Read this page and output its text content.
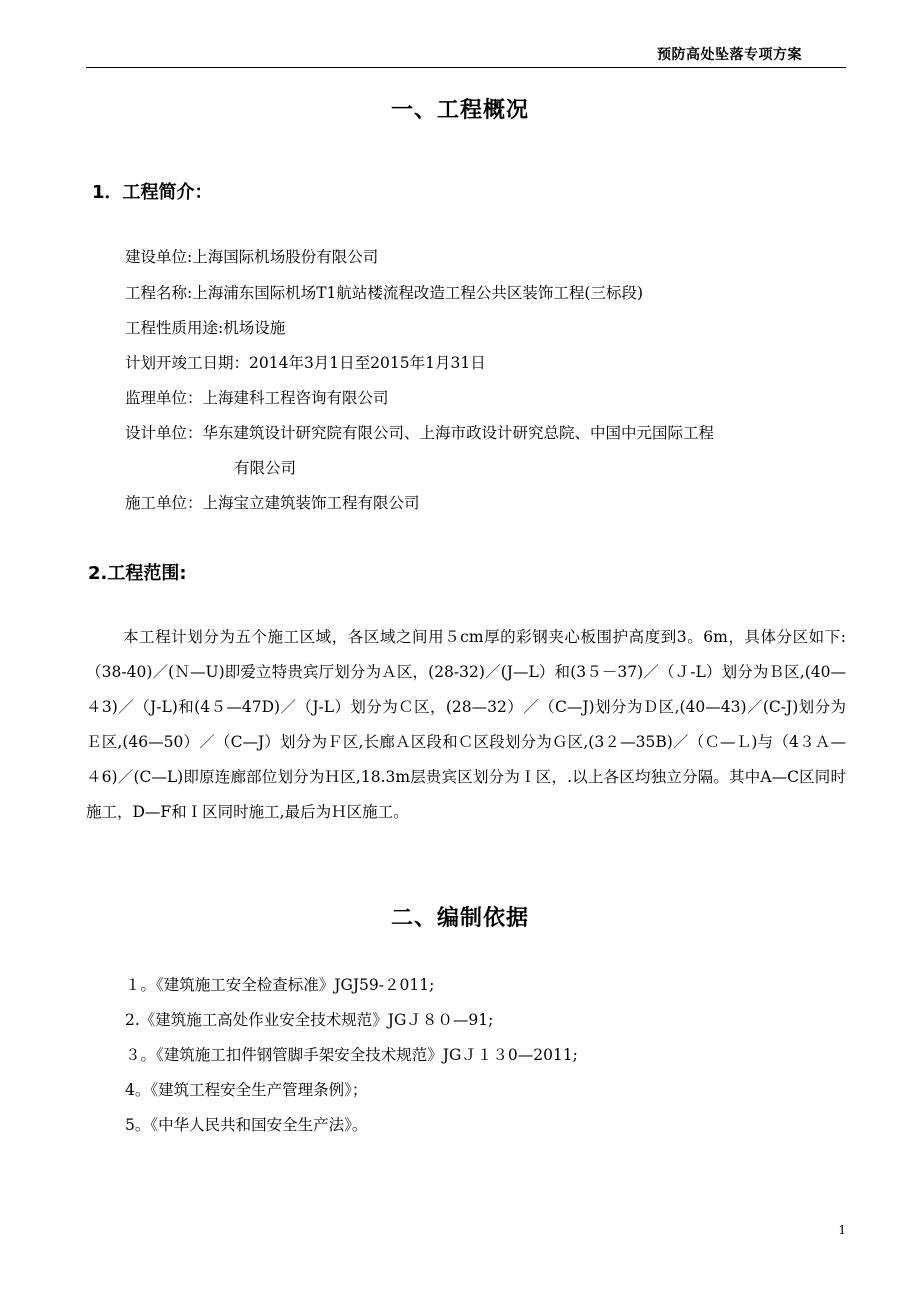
预防高处坠落专项方案
一、工程概况
1．工程简介：
建设单位:上海国际机场股份有限公司
工程名称:上海浦东国际机场T1航站楼流程改造工程公共区装饰工程(三标段)
工程性质用途:机场设施
计划开竣工日期：2014年3月1日至2015年1月31日
监理单位：上海建科工程咨询有限公司
设计单位：华东建筑设计研究院有限公司、上海市政设计研究总院、中国中元国际工程
有限公司
施工单位：上海宝立建筑装饰工程有限公司
2.工程范围:
本工程计划分为五个施工区域，各区域之间用５cm厚的彩钢夹心板围护高度到3。6m，具体分区如下:（38-40)／(Ｎ—U)即爱立特贵宾厅划分为Ａ区，(28-32)／(J—L）和(3５－37)／（Ｊ-L）划分为Ｂ区,(40—４3)／（J-L)和(4５—47D)／（J-L）划分为Ｃ区，(28—32）／（C—J)划分为Ｄ区,(40—43)／(C-J)划分为Ｅ区,(46—50）／（C—J）划分为Ｆ区,长廊Ａ区段和Ｃ区段划分为Ｇ区,(3２—35B)／（Ｃ—Ｌ)与（4３Ａ—４6)／(C—L)即原连廊部位划分为Ｈ区,18.3m层贵宾区划分为Ｉ区，.以上各区均独立分隔。其中A—C区同时施工，D—F和Ｉ区同时施工,最后为Ｈ区施工。
二、编制依据
１。《建筑施工安全检查标准》JGJ59-２011;
2.《建筑施工高处作业安全技术规范》JGＪ８０—91;
３。《建筑施工扣件钢管脚手架安全技术规范》JGＪ１３0—2011;
4。《建筑工程安全生产管理条例》；
5。《中华人民共和国安全生产法》。
1
